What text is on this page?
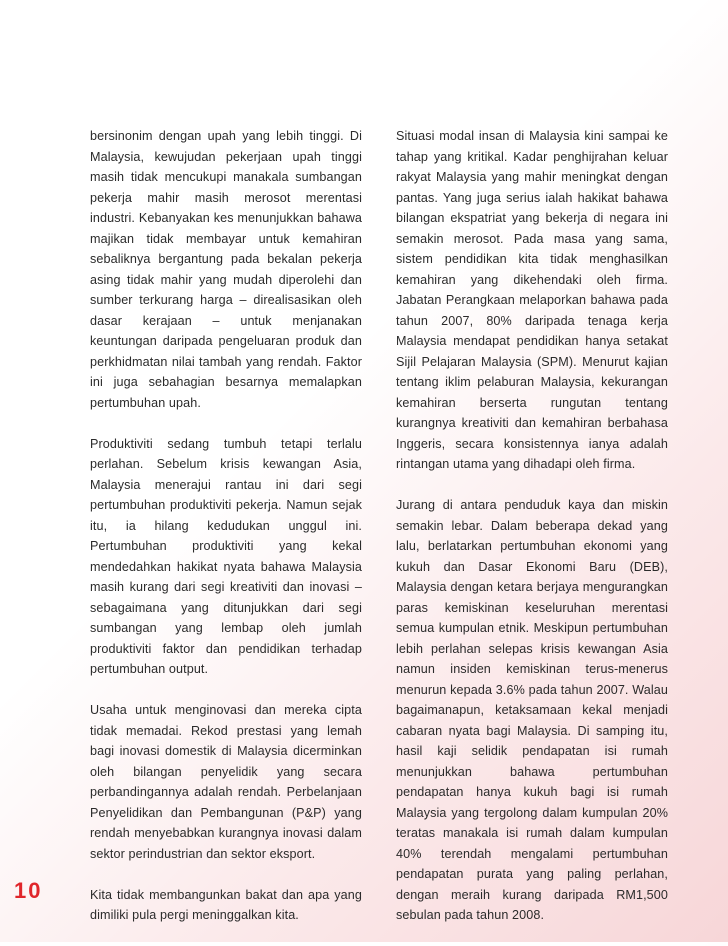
bersinonim dengan upah yang lebih tinggi. Di Malaysia, kewujudan pekerjaan upah tinggi masih tidak mencukupi manakala sumbangan pekerja mahir masih merosot merentasi industri. Kebanyakan kes menunjukkan bahawa majikan tidak membayar untuk kemahiran sebaliknya bergantung pada bekalan pekerja asing tidak mahir yang mudah diperolehi dan sumber terkurang harga – direalisasikan oleh dasar kerajaan – untuk menjanakan keuntungan daripada pengeluaran produk dan perkhidmatan nilai tambah yang rendah. Faktor ini juga sebahagian besarnya memalapkan pertumbuhan upah.

Produktiviti sedang tumbuh tetapi terlalu perlahan. Sebelum krisis kewangan Asia, Malaysia menerajui rantau ini dari segi pertumbuhan produktiviti pekerja. Namun sejak itu, ia hilang kedudukan unggul ini. Pertumbuhan produktiviti yang kekal mendedahkan hakikat nyata bahawa Malaysia masih kurang dari segi kreativiti dan inovasi – sebagaimana yang ditunjukkan dari segi sumbangan yang lembap oleh jumlah produktiviti faktor dan pendidikan terhadap pertumbuhan output.

Usaha untuk menginovasi dan mereka cipta tidak memadai. Rekod prestasi yang lemah bagi inovasi domestik di Malaysia dicerminkan oleh bilangan penyelidik yang secara perbandingannya adalah rendah. Perbelanjaan Penyelidikan dan Pembangunan (P&P) yang rendah menyebabkan kurangnya inovasi dalam sektor perindustrian dan sektor eksport.

Kita tidak membangunkan bakat dan apa yang dimiliki pula pergi meninggalkan kita.

Situasi modal insan di Malaysia kini sampai ke tahap yang kritikal. Kadar penghijrahan keluar rakyat Malaysia yang mahir meningkat dengan pantas. Yang juga serius ialah hakikat bahawa bilangan ekspatriat yang bekerja di negara ini semakin merosot. Pada masa yang sama, sistem pendidikan kita tidak menghasilkan kemahiran yang dikehendaki oleh firma. Jabatan Perangkaan melaporkan bahawa pada tahun 2007, 80% daripada tenaga kerja Malaysia mendapat pendidikan hanya setakat Sijil Pelajaran Malaysia (SPM). Menurut kajian tentang iklim pelaburan Malaysia, kekurangan kemahiran berserta rungutan tentang kurangnya kreativiti dan kemahiran berbahasa Inggeris, secara konsistennya ianya adalah rintangan utama yang dihadapi oleh firma.

Jurang di antara penduduk kaya dan miskin semakin lebar. Dalam beberapa dekad yang lalu, berlatarkan pertumbuhan ekonomi yang kukuh dan Dasar Ekonomi Baru (DEB), Malaysia dengan ketara berjaya mengurangkan paras kemiskinan keseluruhan merentasi semua kumpulan etnik. Meskipun pertumbuhan lebih perlahan selepas krisis kewangan Asia namun insiden kemiskinan terus-menerus menurun kepada 3.6% pada tahun 2007. Walau bagaimanapun, ketaksamaan kekal menjadi cabaran nyata bagi Malaysia. Di samping itu, hasil kaji selidik pendapatan isi rumah menunjukkan bahawa pertumbuhan pendapatan hanya kukuh bagi isi rumah Malaysia yang tergolong dalam kumpulan 20% teratas manakala isi rumah dalam kumpulan 40% terendah mengalami pertumbuhan pendapatan purata yang paling perlahan, dengan meraih kurang daripada RM1,500 sebulan pada tahun 2008.

10
